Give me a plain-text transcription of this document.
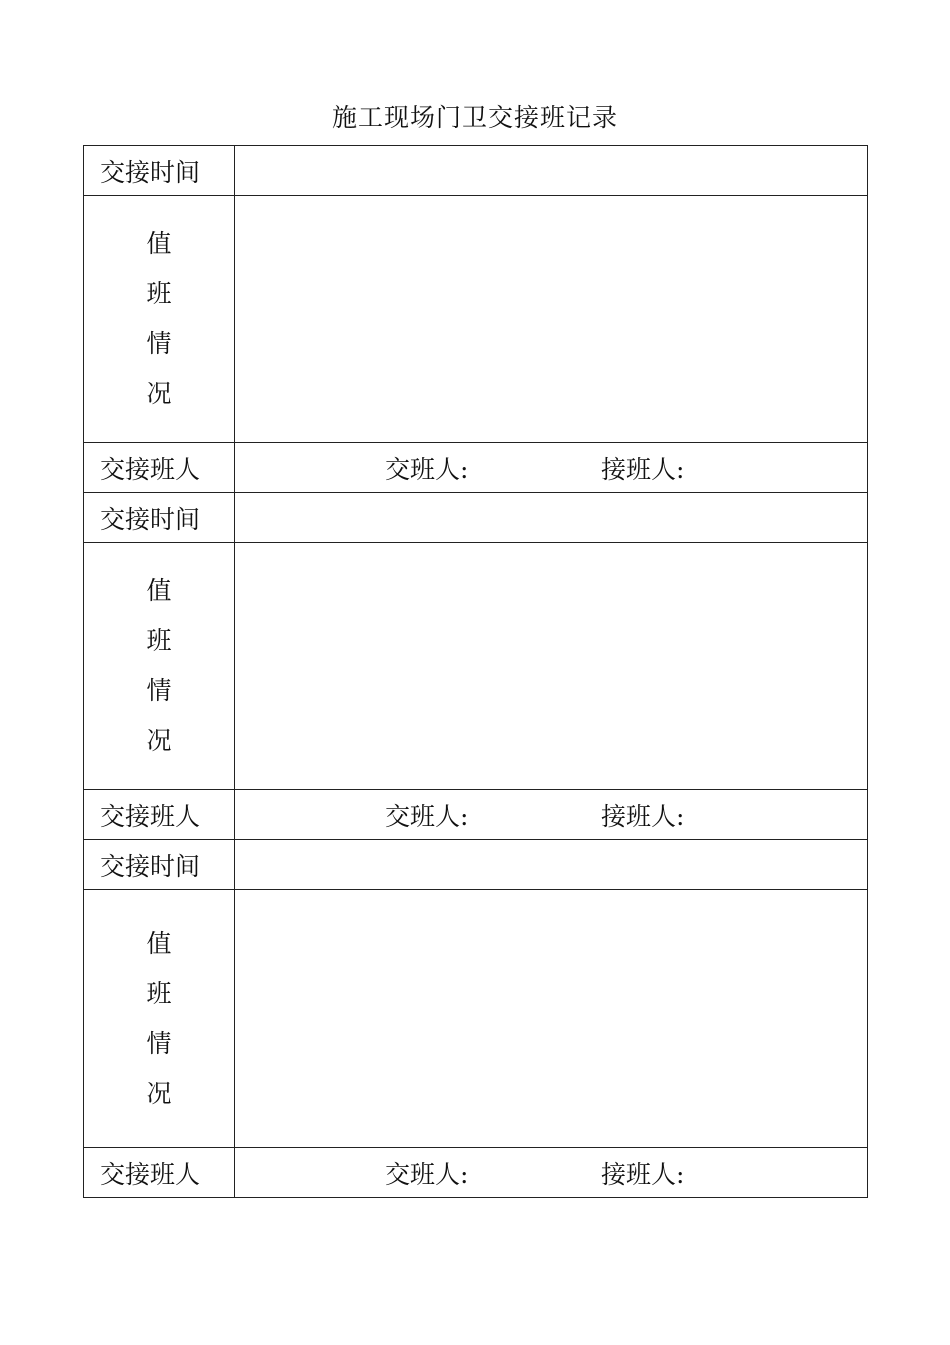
施工现场门卫交接班记录
交接时间	

值
班
情
况	

交接班人	交班人: 接班人:

交接时间	

值
班
情
况	

交接班人	交班人: 接班人:

交接时间	

值
班
情
况	

交接班人	交班人: 接班人:
